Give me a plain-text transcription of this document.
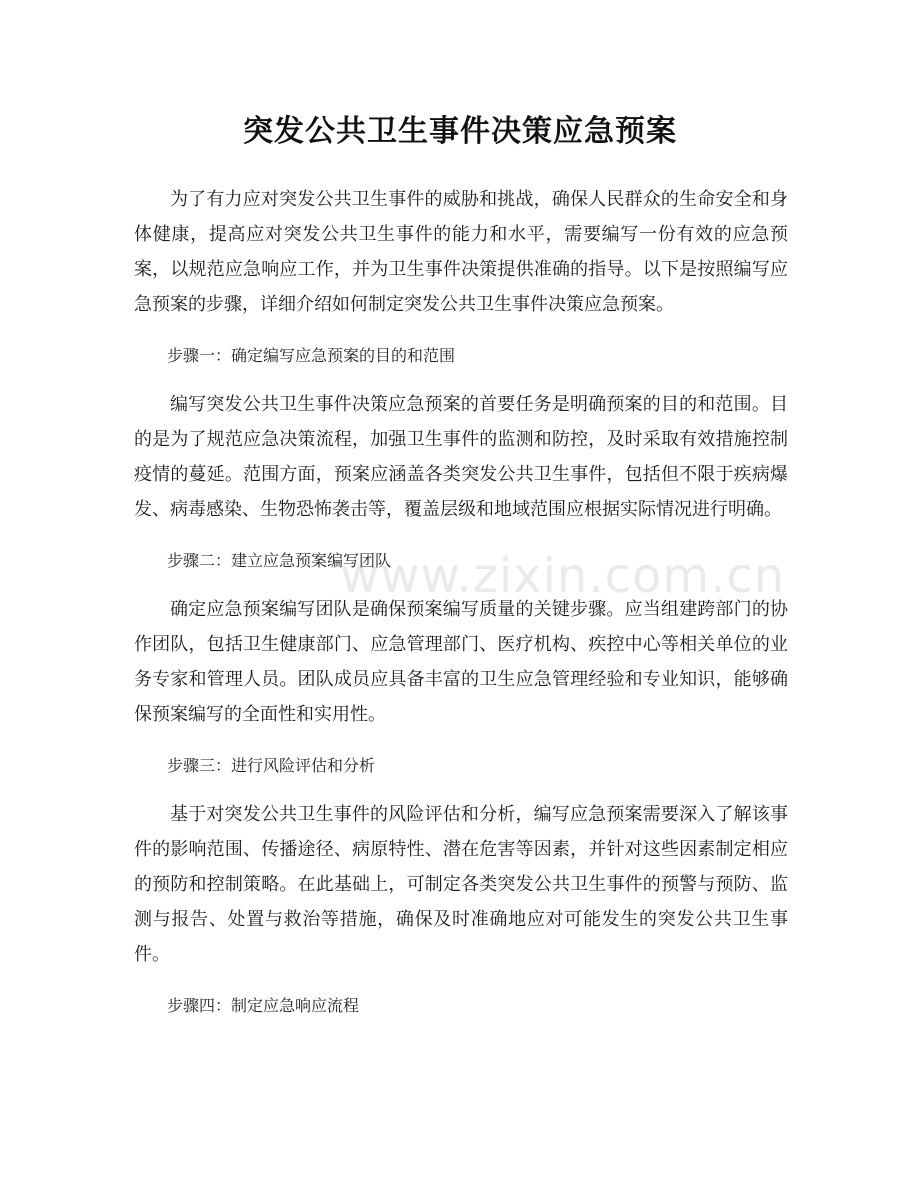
突发公共卫生事件决策应急预案

为了有力应对突发公共卫生事件的威胁和挑战，确保人民群众的生命安全和身体健康，提高应对突发公共卫生事件的能力和水平，需要编写一份有效的应急预案，以规范应急响应工作，并为卫生事件决策提供准确的指导。以下是按照编写应急预案的步骤，详细介绍如何制定突发公共卫生事件决策应急预案。

步骤一：确定编写应急预案的目的和范围

编写突发公共卫生事件决策应急预案的首要任务是明确预案的目的和范围。目的是为了规范应急决策流程，加强卫生事件的监测和防控，及时采取有效措施控制疫情的蔓延。范围方面，预案应涵盖各类突发公共卫生事件，包括但不限于疾病爆发、病毒感染、生物恐怖袭击等，覆盖层级和地域范围应根据实际情况进行明确。

步骤二：建立应急预案编写团队

确定应急预案编写团队是确保预案编写质量的关键步骤。应当组建跨部门的协作团队，包括卫生健康部门、应急管理部门、医疗机构、疾控中心等相关单位的业务专家和管理人员。团队成员应具备丰富的卫生应急管理经验和专业知识，能够确保预案编写的全面性和实用性。

步骤三：进行风险评估和分析

基于对突发公共卫生事件的风险评估和分析，编写应急预案需要深入了解该事件的影响范围、传播途径、病原特性、潜在危害等因素，并针对这些因素制定相应的预防和控制策略。在此基础上，可制定各类突发公共卫生事件的预警与预防、监测与报告、处置与救治等措施，确保及时准确地应对可能发生的突发公共卫生事件。

步骤四：制定应急响应流程

www.zixin.com.cn
